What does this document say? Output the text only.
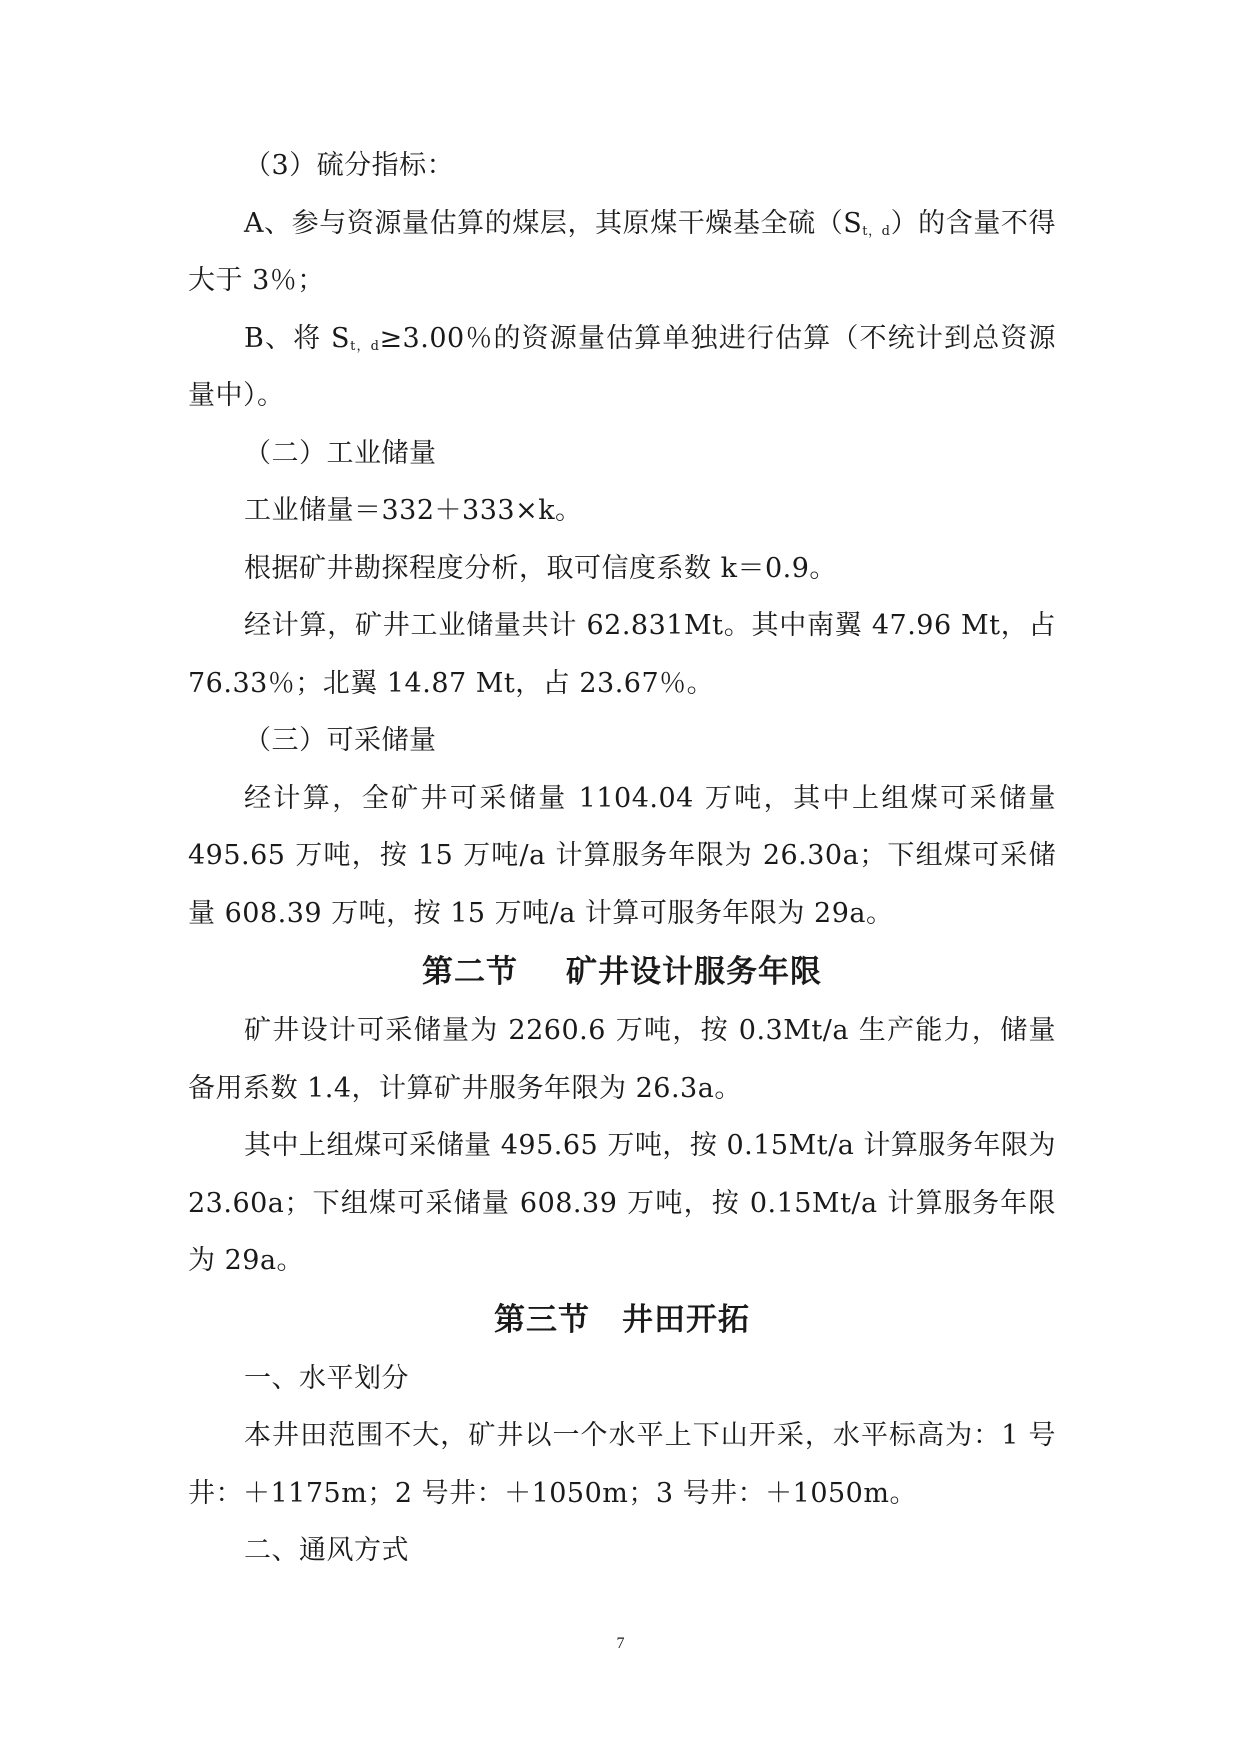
（3）硫分指标：

A、参与资源量估算的煤层，其原煤干燥基全硫$(S_{t,d})$的含量不得大于 3％；

B、将 $S_{t,d}\ge 3.00$％的资源量估算单独进行估算（不统计到总资源量中）。

（二）工业储量

工业储量＝332＋333×k。

根据矿井勘探程度分析，取可信度系数 k＝0.9。

经计算，矿井工业储量共计 62.831Mt。其中南翼 47.96 Mt，占 76.33％；北翼 14.87 Mt，占 23.67％。

（三）可采储量

经计算，全矿井可采储量 1104.04 万吨，其中上组煤可采储量 495.65 万吨，按 15 万吨/a 计算服务年限为 26.30a；下组煤可采储量 608.39 万吨，按 15 万吨/a 计算可服务年限为 29a。

第二节 矿井设计服务年限

矿井设计可采储量为 2260.6 万吨，按 0.3Mt/a 生产能力，储量备用系数 1.4，计算矿井服务年限为 26.3a。

其中上组煤可采储量 495.65 万吨，按 0.15Mt/a 计算服务年限为 23.60a；下组煤可采储量 608.39 万吨，按 0.15Mt/a 计算服务年限为 29a。

第三节 井田开拓

一、水平划分

本井田范围不大，矿井以一个水平上下山开采，水平标高为：1 号井：＋1175m；2 号井：＋1050m；3 号井：＋1050m。

二、通风方式

7
